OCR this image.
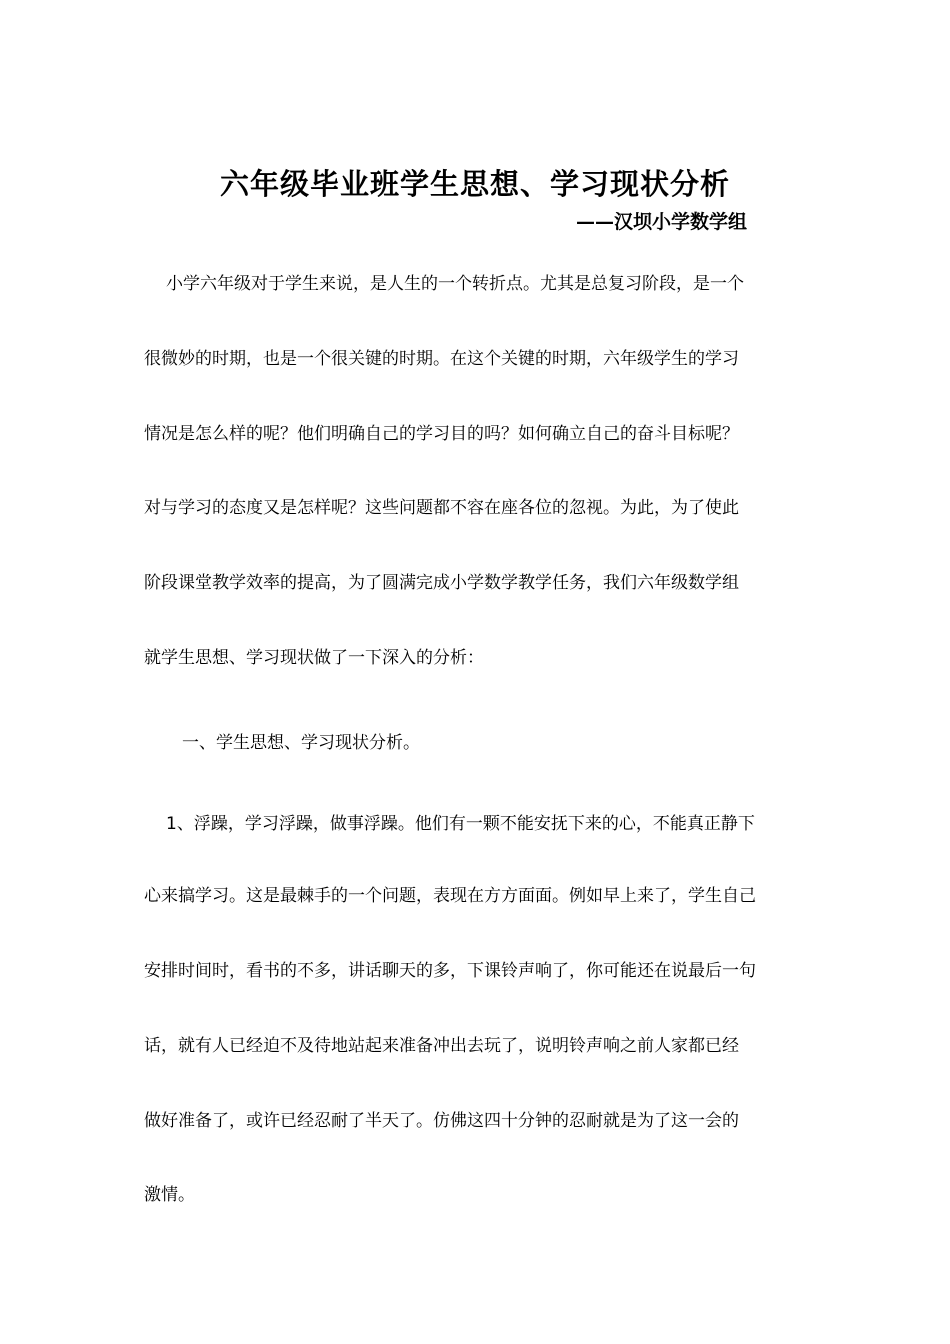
六年级毕业班学生思想、学习现状分析
——汉坝小学数学组
小学六年级对于学生来说，是人生的一个转折点。尤其是总复习阶段，是一个
很微妙的时期，也是一个很关键的时期。在这个关键的时期，六年级学生的学习
情况是怎么样的呢？他们明确自己的学习目的吗？如何确立自己的奋斗目标呢？
对与学习的态度又是怎样呢？这些问题都不容在座各位的忽视。为此，为了使此
阶段课堂教学效率的提高，为了圆满完成小学数学教学任务，我们六年级数学组
就学生思想、学习现状做了一下深入的分析：
一、学生思想、学习现状分析。
1、浮躁，学习浮躁，做事浮躁。他们有一颗不能安抚下来的心，不能真正静下
心来搞学习。这是最棘手的一个问题，表现在方方面面。例如早上来了，学生自己
安排时间时，看书的不多，讲话聊天的多，下课铃声响了，你可能还在说最后一句
话，就有人已经迫不及待地站起来准备冲出去玩了，说明铃声响之前人家都已经
做好准备了，或许已经忍耐了半天了。仿佛这四十分钟的忍耐就是为了这一会的
激情。
